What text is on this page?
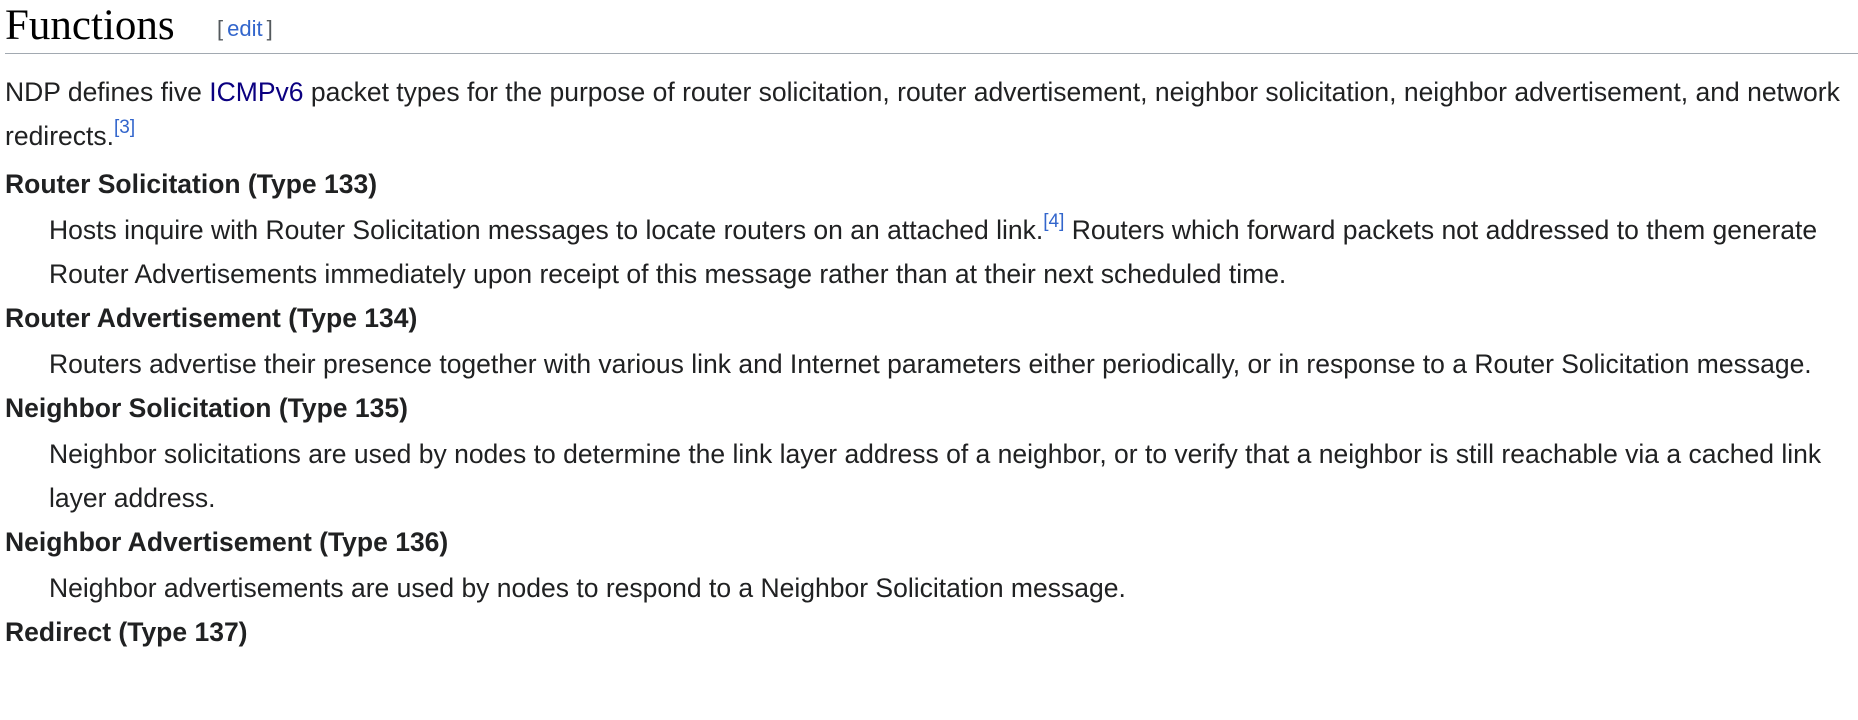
Functions [ edit ]

NDP defines five ICMPv6 packet types for the purpose of router solicitation, router advertisement, neighbor solicitation, neighbor advertisement, and network redirects.[3]

Router Solicitation (Type 133)
Hosts inquire with Router Solicitation messages to locate routers on an attached link.[4] Routers which forward packets not addressed to them generate Router Advertisements immediately upon receipt of this message rather than at their next scheduled time.
Router Advertisement (Type 134)
Routers advertise their presence together with various link and Internet parameters either periodically, or in response to a Router Solicitation message.
Neighbor Solicitation (Type 135)
Neighbor solicitations are used by nodes to determine the link layer address of a neighbor, or to verify that a neighbor is still reachable via a cached link layer address.
Neighbor Advertisement (Type 136)
Neighbor advertisements are used by nodes to respond to a Neighbor Solicitation message.
Redirect (Type 137)
